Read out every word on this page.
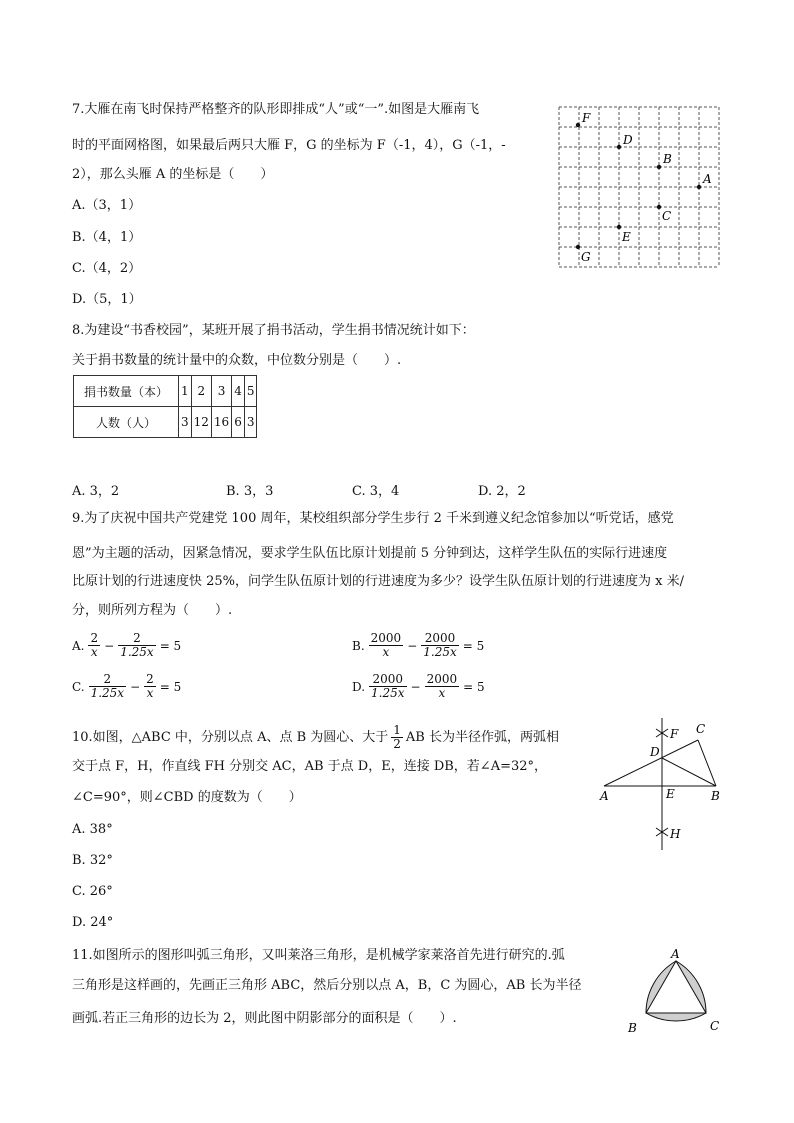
7.大雁在南飞时保持严格整齐的队形即排成“人”或“一”.如图是大雁南飞
时的平面网格图，如果最后两只大雁 F，G 的坐标为 F（-1，4），G（-1，-
2），那么头雁 A 的坐标是（　　）
A.（3，1）
B.（4，1）
C.（4，2）
D.（5，1）
F
D
B
A
C
E
G
8.为建设“书香校园”，某班开展了捐书活动，学生捐书情况统计如下：
关于捐书数量的统计量中的众数，中位数分别是（　　）.
捐书数量（本）	1	2	3	4	5
人数（人）	3	12	16	6	3
A. 3，2	B. 3，3	C. 3，4	D. 2，2
9.为了庆祝中国共产党建党 100 周年，某校组织部分学生步行 2 千米到遵义纪念馆参加以“听党话，感党
恩”为主题的活动，因紧急情况，要求学生队伍比原计划提前 5 分钟到达，这样学生队伍的实际行进速度
比原计划的行进速度快 25%，问学生队伍原计划的行进速度为多少？设学生队伍原计划的行进速度为 x 米/
分，则所列方程为（　　）.
A. $\frac{2}{x} - \frac{2}{1.25x} = 5$	B. $\frac{2000}{x} - \frac{2000}{1.25x} = 5$
C. $\frac{2}{1.25x} - \frac{2}{x} = 5$	D. $\frac{2000}{1.25x} - \frac{2000}{x} = 5$
10.如图，△ABC 中，分别以点 A、点 B 为圆心、大于 $\frac{1}{2}$ AB 长为半径作弧，两弧相
交于点 F，H，作直线 FH 分别交 AC，AB 于点 D，E，连接 DB，若∠A=32°，
∠C=90°，则∠CBD 的度数为（　　）
A. 38°
B. 32°
C. 26°
D. 24°
F C
D
A	E	B
H
11.如图所示的图形叫弧三角形，又叫莱洛三角形，是机械学家莱洛首先进行研究的.弧
三角形是这样画的，先画正三角形 ABC，然后分别以点 A，B，C 为圆心，AB 长为半径
画弧.若正三角形的边长为 2，则此图中阴影部分的面积是（　　）.
A
B	C
